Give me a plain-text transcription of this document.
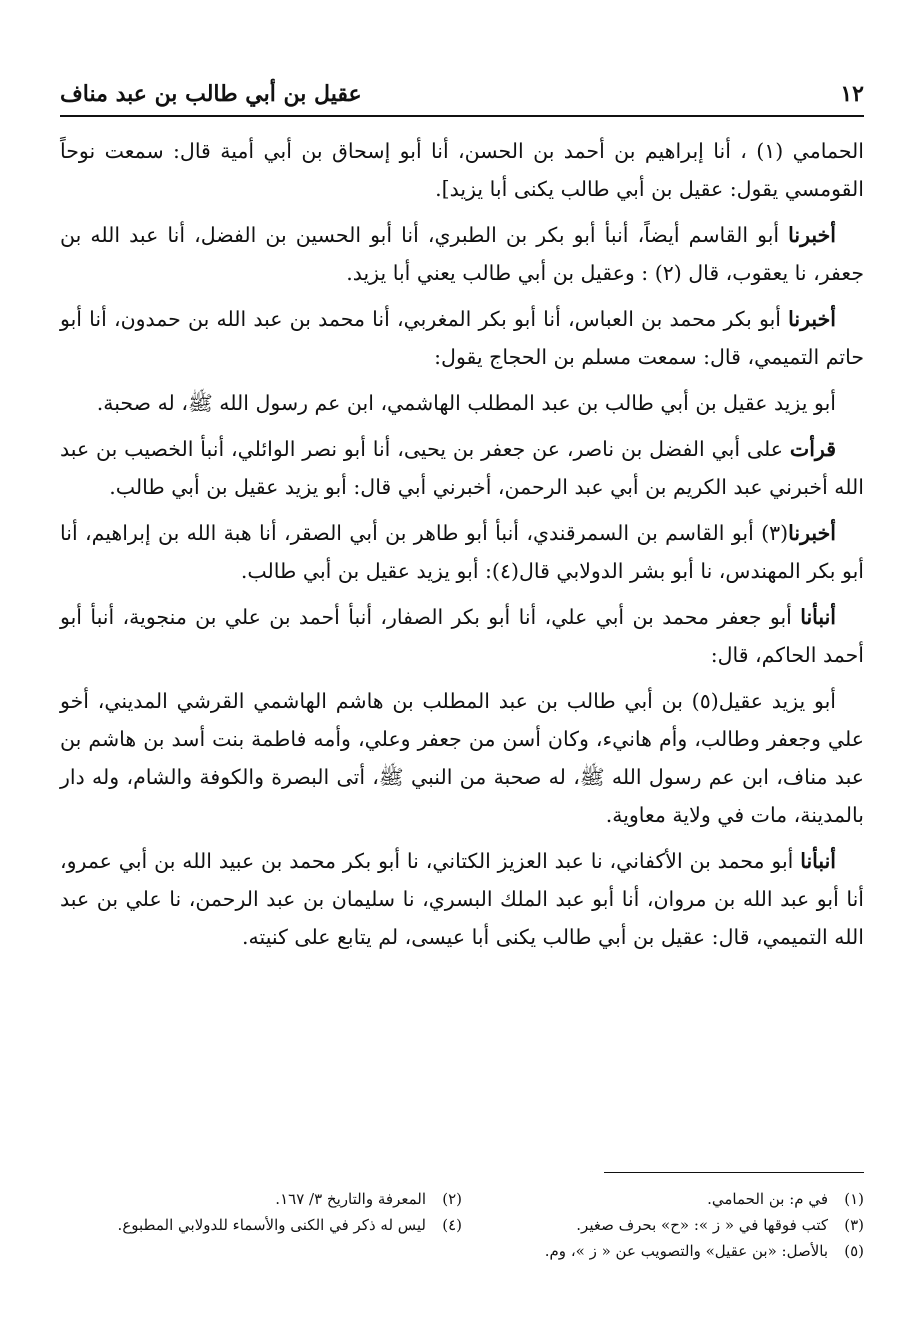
١٢
عقيل بن أبي طالب بن عبد مناف

الحمامي (١) ، أنا إبراهيم بن أحمد بن الحسن، أنا أبو إسحاق بن أبي أمية قال: سمعت نوحاً القومسي يقول: عقيل بن أبي طالب يكنى أبا يزيد].

أخبرنا أبو القاسم أيضاً، أنبأ أبو بكر بن الطبري، أنا أبو الحسين بن الفضل، أنا عبد الله بن جعفر، نا يعقوب، قال (٢) : وعقيل بن أبي طالب يعني أبا يزيد.

أخبرنا أبو بكر محمد بن العباس، أنا أبو بكر المغربي، أنا محمد بن عبد الله بن حمدون، أنا أبو حاتم التميمي، قال: سمعت مسلم بن الحجاج يقول:

أبو يزيد عقيل بن أبي طالب بن عبد المطلب الهاشمي، ابن عم رسول الله ﷺ، له صحبة.

قرأت على أبي الفضل بن ناصر، عن جعفر بن يحيى، أنا أبو نصر الوائلي، أنبأ الخصيب بن عبد الله أخبرني عبد الكريم بن أبي عبد الرحمن، أخبرني أبي قال: أبو يزيد عقيل بن أبي طالب.

أخبرنا(٣) أبو القاسم بن السمرقندي، أنبأ أبو طاهر بن أبي الصقر، أنا هبة الله بن إبراهيم، أنا أبو بكر المهندس، نا أبو بشر الدولابي قال(٤): أبو يزيد عقيل بن أبي طالب.

أنبأنا أبو جعفر محمد بن أبي علي، أنا أبو بكر الصفار، أنبأ أحمد بن علي بن منجوية، أنبأ أبو أحمد الحاكم، قال:

أبو يزيد عقيل(٥) بن أبي طالب بن عبد المطلب بن هاشم الهاشمي القرشي المديني، أخو علي وجعفر وطالب، وأم هانيء، وكان أسن من جعفر وعلي، وأمه فاطمة بنت أسد بن هاشم بن عبد مناف، ابن عم رسول الله ﷺ، له صحبة من النبي ﷺ، أتى البصرة والكوفة والشام، وله دار بالمدينة، مات في ولاية معاوية.

أنبأنا أبو محمد بن الأكفاني، نا عبد العزيز الكتاني، نا أبو بكر محمد بن عبيد الله بن أبي عمرو، أنا أبو عبد الله بن مروان، أنا أبو عبد الملك البسري، نا سليمان بن عبد الرحمن، نا علي بن عبد الله التميمي، قال: عقيل بن أبي طالب يكنى أبا عيسى، لم يتابع على كنيته.

(١)في م: بن الحمامي.
(٢)المعرفة والتاريخ ٣/ ١٦٧.
(٣)كتب فوقها في « ز »: «ح» بحرف صغير.
(٤)ليس له ذكر في الكنى والأسماء للدولابي المطبوع.
(٥)بالأصل: «بن عقيل» والتصويب عن « ز »، وم.
